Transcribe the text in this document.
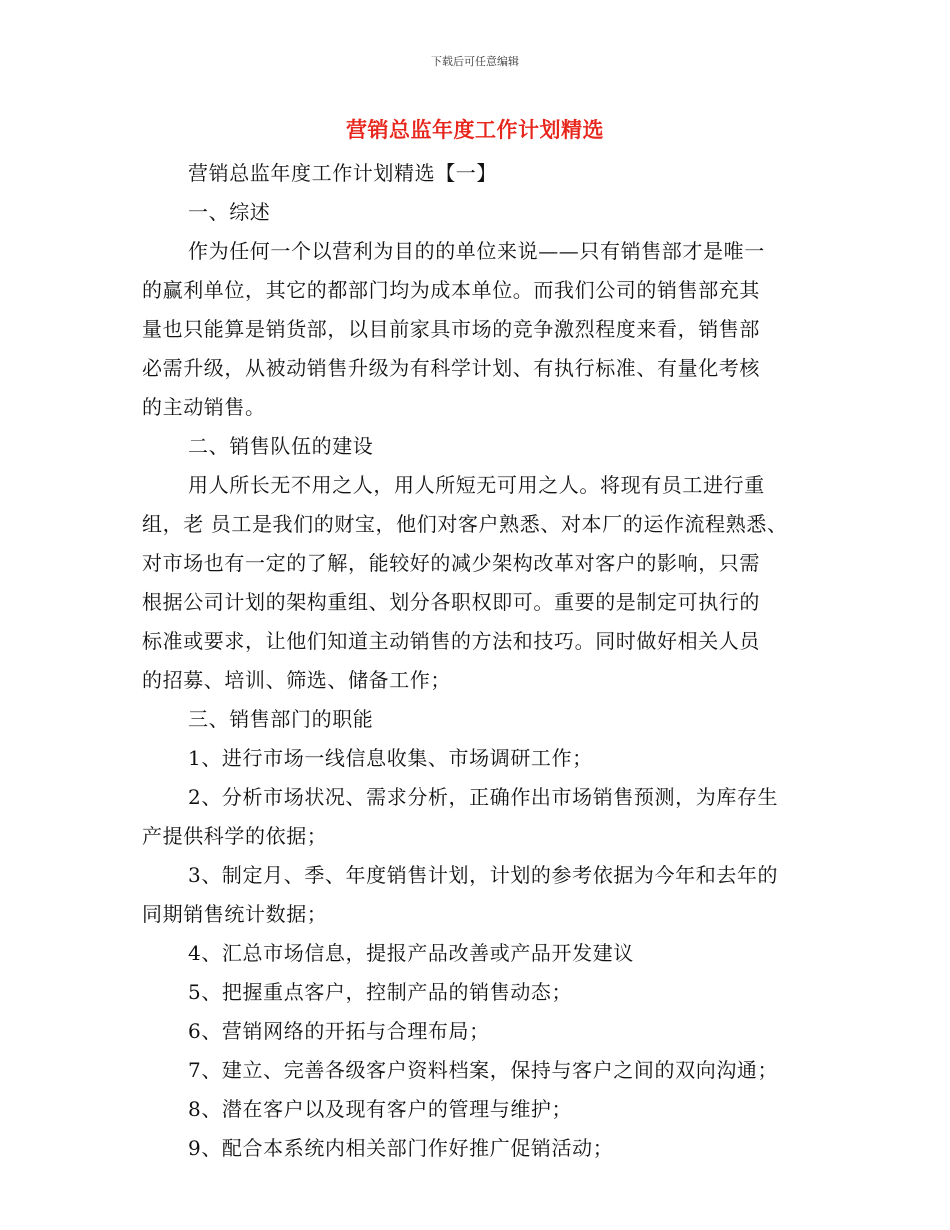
下载后可任意编辑
营销总监年度工作计划精选
营销总监年度工作计划精选【一】
一、综述
作为任何一个以营利为目的的单位来说——只有销售部才是唯一
的赢利单位，其它的都部门均为成本单位。而我们公司的销售部充其
量也只能算是销货部，以目前家具市场的竞争激烈程度来看，销售部
必需升级，从被动销售升级为有科学计划、有执行标准、有量化考核
的主动销售。
二、销售队伍的建设
用人所长无不用之人，用人所短无可用之人。将现有员工进行重
组，老 员工是我们的财宝，他们对客户熟悉、对本厂的运作流程熟悉、
对市场也有一定的了解，能较好的减少架构改革对客户的影响，只需
根据公司计划的架构重组、划分各职权即可。重要的是制定可执行的
标准或要求，让他们知道主动销售的方法和技巧。同时做好相关人员
的招募、培训、筛选、储备工作；
三、销售部门的职能
1、进行市场一线信息收集、市场调研工作；
2、分析市场状况、需求分析，正确作出市场销售预测，为库存生
产提供科学的依据；
3、制定月、季、年度销售计划，计划的参考依据为今年和去年的
同期销售统计数据；
4、汇总市场信息，提报产品改善或产品开发建议
5、把握重点客户，控制产品的销售动态；
6、营销网络的开拓与合理布局；
7、建立、完善各级客户资料档案，保持与客户之间的双向沟通；
8、潜在客户以及现有客户的管理与维护；
9、配合本系统内相关部门作好推广促销活动；
